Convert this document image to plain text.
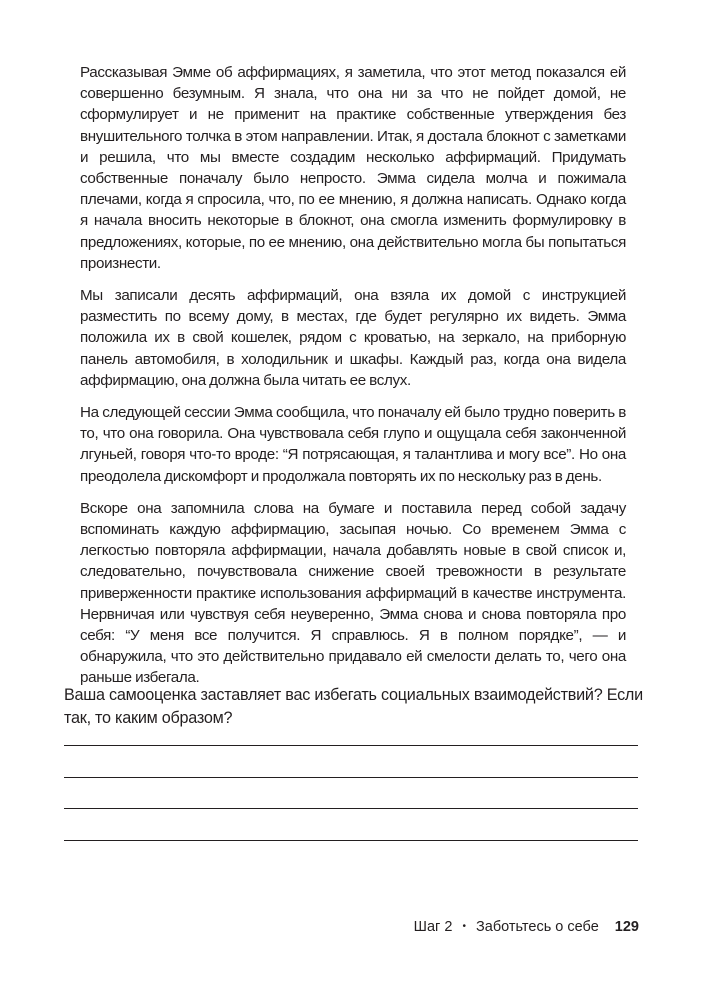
Рассказывая Эмме об аффирмациях, я заметила, что этот метод показался ей совершенно безумным. Я знала, что она ни за что не пойдет домой, не сформулирует и не применит на практике собственные утверждения без внушительного толчка в этом направлении. Итак, я достала блокнот с заметками и решила, что мы вместе создадим несколько аффирмаций. Придумать собственные поначалу было непросто. Эмма сидела молча и пожимала плечами, когда я спросила, что, по ее мнению, я должна написать. Однако когда я начала вносить некоторые в блокнот, она смогла изменить формулировку в предложениях, которые, по ее мнению, она действительно могла бы попытаться произнести.

Мы записали десять аффирмаций, она взяла их домой с инструкцией разместить по всему дому, в местах, где будет регулярно их видеть. Эмма положила их в свой кошелек, рядом с кроватью, на зеркало, на приборную панель автомобиля, в холодильник и шкафы. Каждый раз, когда она видела аффирмацию, она должна была читать ее вслух.

На следующей сессии Эмма сообщила, что поначалу ей было трудно поверить в то, что она говорила. Она чувствовала себя глупо и ощущала себя законченной лгуньей, говоря что-то вроде: “Я потрясающая, я талантлива и могу все”. Но она преодолела дискомфорт и продолжала повторять их по нескольку раз в день.

Вскоре она запомнила слова на бумаге и поставила перед собой задачу вспоминать каждую аффирмацию, засыпая ночью. Со временем Эмма с легкостью повторяла аффирмации, начала добавлять новые в свой список и, следовательно, почувствовала снижение своей тревожности в результате приверженности практике использования аффирмаций в качестве инструмента. Нервничая или чувствуя себя неуверенно, Эмма снова и снова повторяла про себя: “У меня все получится. Я справлюсь. Я в полном порядке”, — и обнаружила, что это действительно придавало ей смелости делать то, чего она раньше избегала.

Ваша самооценка заставляет вас избегать социальных взаимодействий? Если так, то каким образом?

Шаг 2 • Заботьтесь о себе 129
